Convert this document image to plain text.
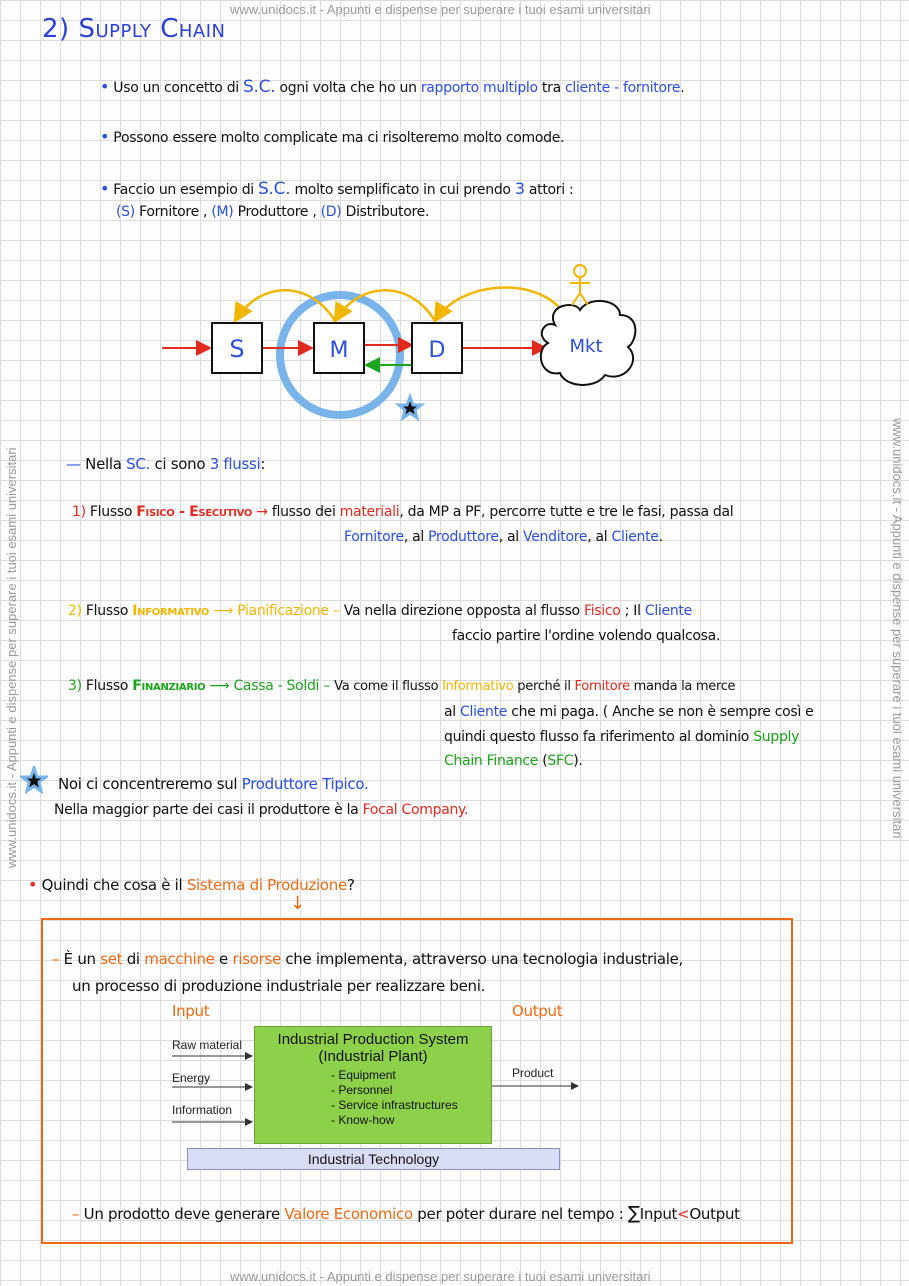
www.unidocs.it - Appunti e dispense per superare i tuoi esami universitari
www.unidocs.it - Appunti e dispense per superare i tuoi esami universitari
www.unidocs.it - Appunti e dispense per superare i tuoi esami universitari	www.unidocs.it - Appunti e dispense per superare i tuoi esami universitari
2) Supply Chain
• Uso un concetto di S.C. ogni volta che ho un rapporto multiplo tra cliente - fornitore.
• Possono essere molto complicate ma ci risolteremo molto comode.
• Faccio un esempio di S.C. molto semplificato in cui prendo 3 attori :
(S) Fornitore , (M) Produttore , (D) Distributore.
S	M	D	Mkt
— Nella SC. ci sono 3 flussi:
1) Flusso Fisico - Esecutivo → flusso dei materiali, da MP a PF, percorre tutte e tre le fasi, passa dal
Fornitore, al Produttore, al Venditore, al Cliente.
2) Flusso Informativo ⟶ Pianificazione – Va nella direzione opposta al flusso Fisico ; Il Cliente
faccio partire l'ordine volendo qualcosa.
3) Flusso Finanziario ⟶ Cassa - Soldi – Va come il flusso Informativo perché il Fornitore manda la merce
al Cliente che mi paga. ( Anche se non è sempre così e
quindi questo flusso fa riferimento al dominio Supply
Chain Finance (SFC).
Noi ci concentreremo sul Produttore Tipico.
Nella maggior parte dei casi il produttore è la Focal Company.
• Quindi che cosa è il Sistema di Produzione?
↓
– È un set di macchine e risorse che implementa, attraverso una tecnologia industriale,
un processo di produzione industriale per realizzare beni.
Input	Output
Raw material
Energy
Information
Product
Industrial Production System
(Industrial Plant)
- Equipment
- Personnel
- Service infrastructures
- Know-how
Industrial Technology
– Un prodotto deve generare Valore Economico per poter durare nel tempo : ∑Input<Output
